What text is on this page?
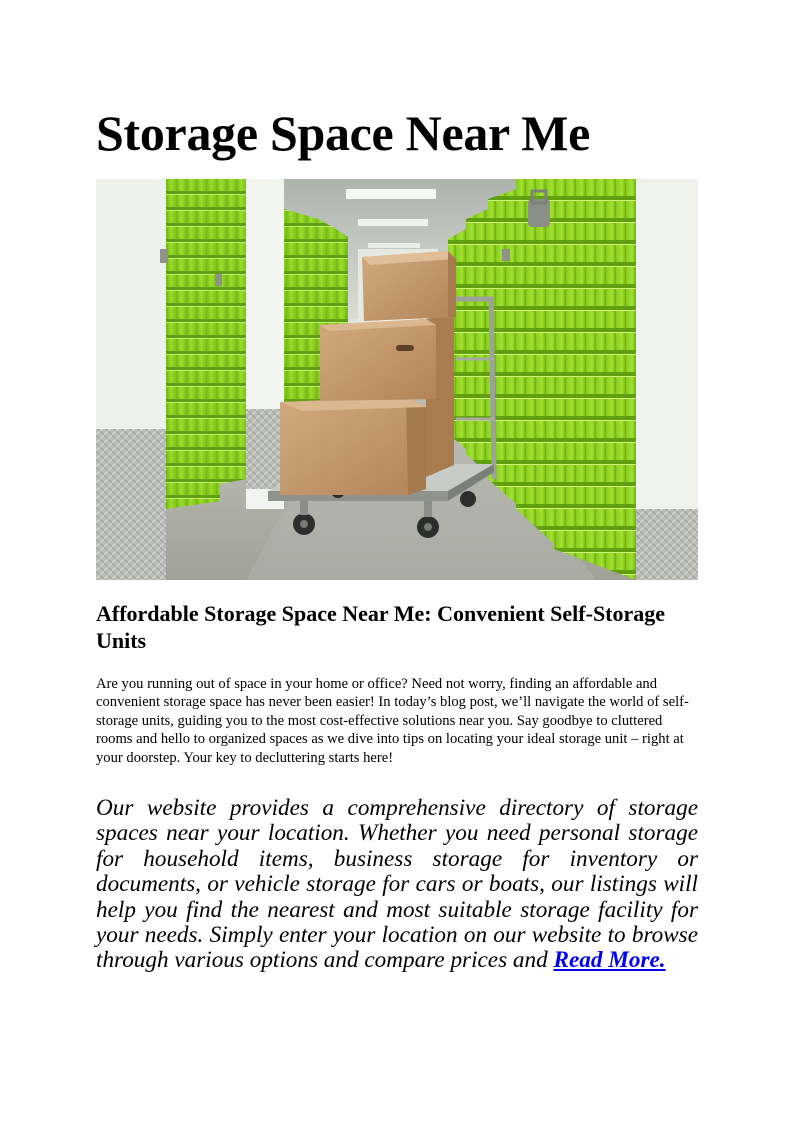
Storage Space Near Me
Affordable Storage Space Near Me: Convenient Self-Storage Units

Are you running out of space in your home or office? Need not worry, finding an affordable and convenient storage space has never been easier! In today’s blog post, we’ll navigate the world of self-storage units, guiding you to the most cost-effective solutions near you. Say goodbye to cluttered rooms and hello to organized spaces as we dive into tips on locating your ideal storage unit – right at your doorstep. Your key to decluttering starts here!

Our website provides a comprehensive directory of storage spaces near your location. Whether you need personal storage for household items, business storage for inventory or documents, or vehicle storage for cars or boats, our listings will help you find the nearest and most suitable storage facility for your needs. Simply enter your location on our website to browse through various options and compare prices and Read More.
